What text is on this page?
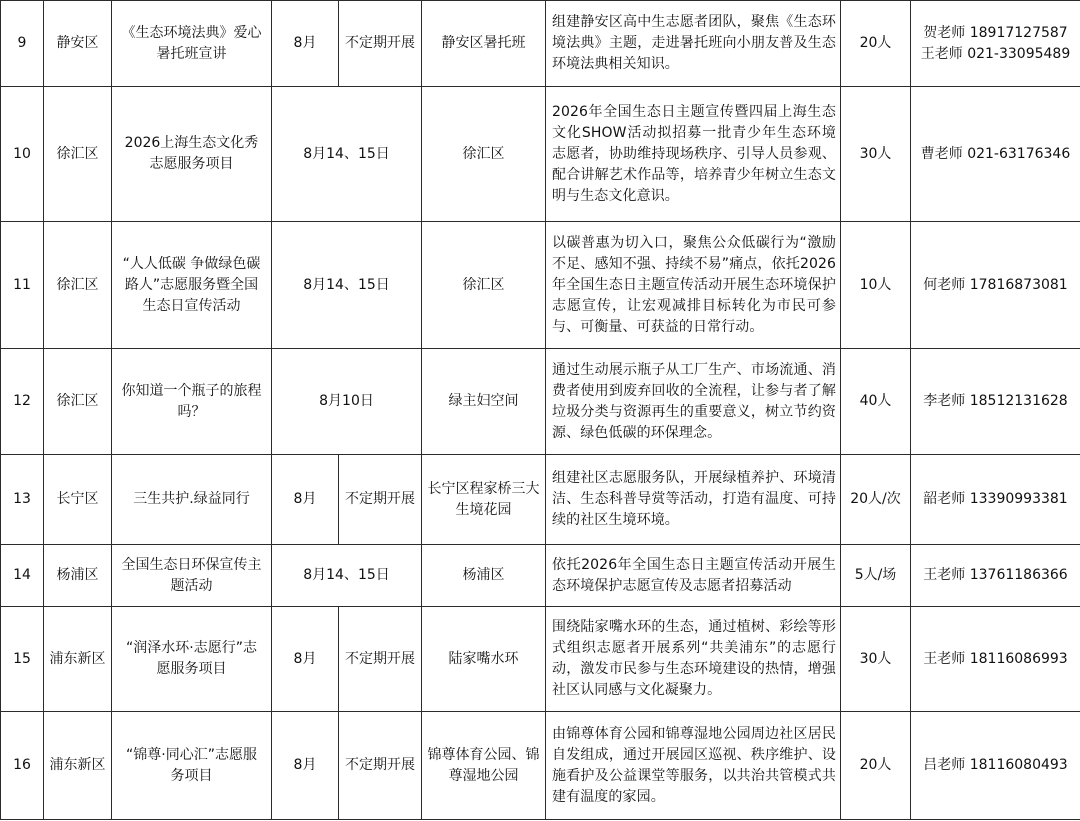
9	静安区	《生态环境法典》爱心暑托班宣讲	8月	不定期开展	静安区暑托班	组建静安区高中生志愿者团队，聚焦《生态环境法典》主题，走进暑托班向小朋友普及生态环境法典相关知识。	20人	贺老师 18917127587
王老师 021-33095489

10	徐汇区	2026上海生态文化秀志愿服务项目	8月14、15日		徐汇区	2026年全国生态日主题宣传暨四届上海生态文化SHOW活动拟招募一批青少年生态环境志愿者，协助维持现场秩序、引导人员参观、配合讲解艺术作品等，培养青少年树立生态文明与生态文化意识。	30人	曹老师 021-63176346

11	徐汇区	“人人低碳 争做绿色碳路人”志愿服务暨全国生态日宣传活动	8月14、15日		徐汇区	以碳普惠为切入口，聚焦公众低碳行为“激励不足、感知不强、持续不易”痛点，依托2026年全国生态日主题宣传活动开展生态环境保护志愿宣传，让宏观减排目标转化为市民可参与、可衡量、可获益的日常行动。	10人	何老师 17816873081

12	徐汇区	你知道一个瓶子的旅程吗？	8月10日		绿主妇空间	通过生动展示瓶子从工厂生产、市场流通、消费者使用到废弃回收的全流程，让参与者了解垃圾分类与资源再生的重要意义，树立节约资源、绿色低碳的环保理念。	40人	李老师 18512131628

13	长宁区	三生共护.绿益同行	8月	不定期开展	长宁区程家桥三大生境花园	组建社区志愿服务队，开展绿植养护、环境清洁、生态科普导赏等活动，打造有温度、可持续的社区生境环境。	20人/次	韶老师 13390993381

14	杨浦区	全国生态日环保宣传主题活动	8月14、15日		杨浦区	依托2026年全国生态日主题宣传活动开展生态环境保护志愿宣传及志愿者招募活动	5人/场	王老师 13761186366

15	浦东新区	“润泽水环·志愿行”志愿服务项目	8月	不定期开展	陆家嘴水环	围绕陆家嘴水环的生态，通过植树、彩绘等形式组织志愿者开展系列“共美浦东”的志愿行动，激发市民参与生态环境建设的热情，增强社区认同感与文化凝聚力。	30人	王老师 18116086993

16	浦东新区	“锦尊·同心汇”志愿服务项目	8月	不定期开展	锦尊体育公园、锦尊湿地公园	由锦尊体育公园和锦尊湿地公园周边社区居民自发组成，通过开展园区巡视、秩序维护、设施看护及公益课堂等服务，以共治共管模式共建有温度的家园。	20人	吕老师 18116080493
